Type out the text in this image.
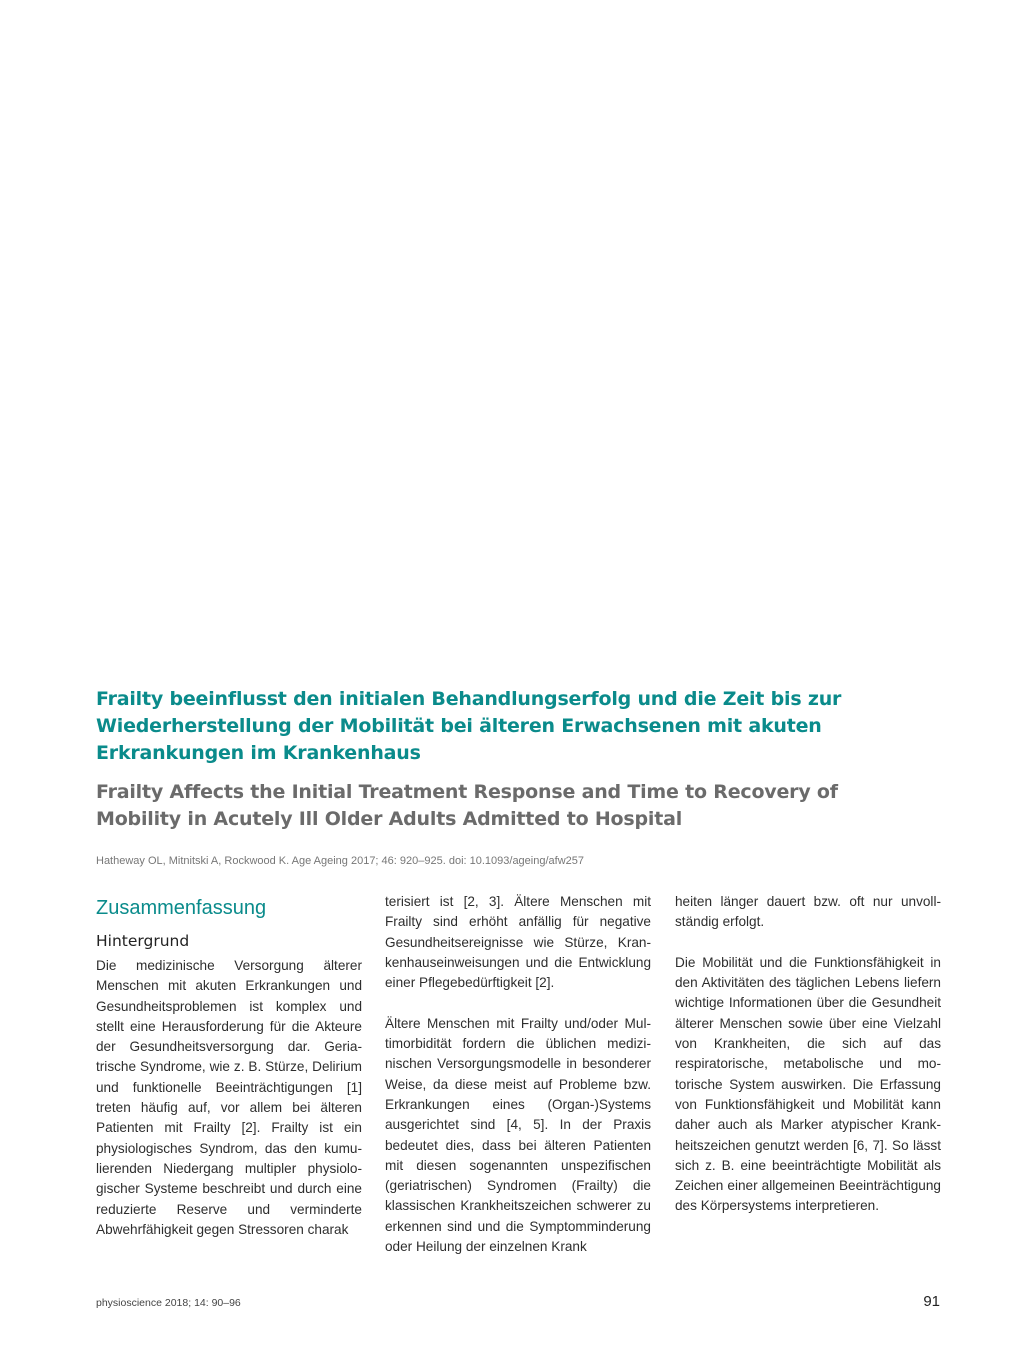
Frailty beeinflusst den initialen Behandlungserfolg und die Zeit bis zur Wiederherstellung der Mobilität bei älteren Erwachsenen mit akuten Erkrankungen im Krankenhaus
Frailty Affects the Initial Treatment Response and Time to Recovery of Mobility in Acutely Ill Older Adults Admitted to Hospital

Hatheway OL, Mitnitski A, Rockwood K. Age Ageing 2017; 46: 920–925. doi: 10.1093/ageing/afw257

Zusammenfassung
Hintergrund

Die medizinische Versorgung älterer Menschen mit akuten Erkrankungen und Gesundheitsproblemen ist komplex und stellt eine Herausforderung für die Akteure der Gesundheitsversorgung dar. Geriatrische Syndrome, wie z. B. Stürze, Delirium und funktionelle Beeinträchtigungen [1] treten häufig auf, vor allem bei älteren Patienten mit Frailty [2]. Frailty ist ein physiologisches Syndrom, das den kumulierenden Niedergang multipler physiologischer Systeme beschreibt und durch eine reduzierte Reserve und verminderte Abwehrfähigkeit gegen Stressoren charak

terisiert ist [2, 3]. Ältere Menschen mit Frailty sind erhöht anfällig für negative Gesundheitsereignisse wie Stürze, Krankenhauseinweisungen und die Entwicklung einer Pflegebedürftigkeit [2].

Ältere Menschen mit Frailty und/oder Multimorbidität fordern die üblichen medizinischen Versorgungsmodelle in besonderer Weise, da diese meist auf Probleme bzw. Erkrankungen eines (Organ-)Systems ausgerichtet sind [4, 5]. In der Praxis bedeutet dies, dass bei älteren Patienten mit diesen sogenannten unspezifischen (geriatrischen) Syndromen (Frailty) die klassischen Krankheitszeichen schwerer zu erkennen sind und die Symptomminderung oder Heilung der einzelnen Krank

heiten länger dauert bzw. oft nur unvollständig erfolgt.

Die Mobilität und die Funktionsfähigkeit in den Aktivitäten des täglichen Lebens liefern wichtige Informationen über die Gesundheit älterer Menschen sowie über eine Vielzahl von Krankheiten, die sich auf das respiratorische, metabolische und motorische System auswirken. Die Erfassung von Funktionsfähigkeit und Mobilität kann daher auch als Marker atypischer Krankheitszeichen genutzt werden [6, 7]. So lässt sich z. B. eine beeinträchtigte Mobilität als Zeichen einer allgemeinen Beeinträchtigung des Körpersystems interpretieren.

physioscience 2018; 14: 90–96	91
